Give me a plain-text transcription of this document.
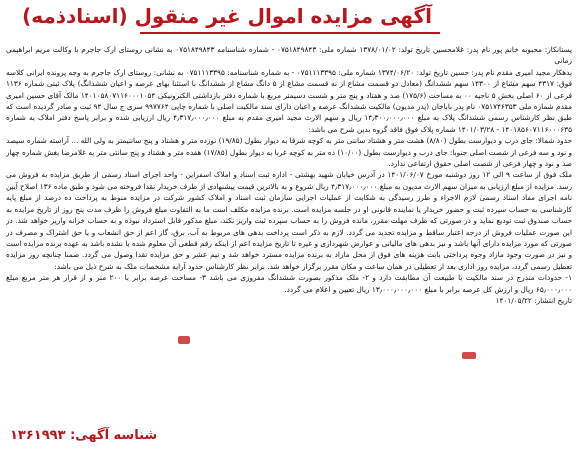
آگهی مزایده اموال غیر منقول (اسنادذمه)

پستانکار: محبوبه خانم پور نام پدر: غلامحسین تاریخ تولد: ۱۳۷۸/۰۱/۰۲ شماره ملی: ۰۷۵۱۸۴۹۸۴۳ - شماره شناسنامه ۰۷۵۱۸۴۹۸۴۳ به نشانی روستای ارک جاجرم با وکالت مریم ابراهیمی زمانی

بدهکار مجید امیری مقدم نام پدر: حسین تاریخ تولد: ۱۳۷۴/۰۶/۲۰ شماره ملی: ۰۷۵۱۱۱۳۳۹۵ - به شماره شناسنامه: ۰۷۵۱۱۱۳۳۹۵ به نشانی: روستای ارک جاجرم به وجه پرونده ایرانی کلاسه فوق: ۴۳۱۷ سهم مشاع از ۱۴۳۰۰ سهم ششدانگ (معادل دو قسمت مشاع از نه قسمت مشاع از ۵ دانگ مشاع از ششدانگ با استثنا بهای عرصه و اعیان ششدانگ) پلاک ثبتی شماره ۱۱۳۶ فرعی از ۶۰ اصلی بخش ۵ ناحیه ۰۰ به مساحت (۱۷۵/۶) صد و هفتاد و پنج متر و شست دسیمتر مربع با شماره دفتر بازداشتی الکترونیکی ۱۴۰۱۰۵۸۰۷۱۱۶۰۰۰۱۰۵۴ مالک آقای حسین امیری مقدم شماره ملی ۰۷۵۱۷۴۶۳۵۳ نام پدر باباخان (پدر مدیون) مالکیت ششدانگ عرصه و اعیان دارای سند مالکیت اصلی با شماره چاپی ۹۹۷۷۶۴ سری ج سال ۹۴ ثبت و صادر گردیده است که طبق نظر کارشناس رسمی ششدانگ پلاک به مبلغ ۱۴٫۳۰۰٫۰۰۰٫۰۰۰ ریال و سهم الارث مجید امیری مقدم به مبلغ ۴٫۳۱۷٫۰۰۰٫۰۰۰ ریال ارزیابی شده و برابر پاسخ دفتر املاک به شماره ۱۴۰۱۸۵۶۰۷۱۱۶۰۰۰۶۳۵ - ۱۴۰۱/۰۳/۲۸ شماره پلاک فوق فاقد گروه بدین شرح می باشد:

حدود شمالا: جای درب و دیوارست بطول (۸/۸۰) هشت متر و هشتاد سانتی متر به کوچه شرقا به دیوار بطول (۱۹/۸۵) نوزده متر و هشتاد و پنج سانتیمتر به ولی الله ... آراسته شماره سیصد و نود و سه فرعی از شصت اصلی جنوبا: جای درب و دیوارست بطول (۱۰/۰۰) ده متر به کوچه غربا به دیوار بطول (۱۷/۸۵) هفده متر و هشتاد و پنج سانتی متر به غلامرضا بغش شماره چهار صد و نود و چهار فرعی از شصت اصلی حقوق ارتفاعی ندارد.

ملک فوق از ساعت ۹ الی ۱۲ روز دوشنبه مورخ ۱۴۰۱/۰۶/۰۷ در آدرس خیابان شهید بهشتی - اداره ثبت اسناد و املاک اسفراین - واحد اجرای اسناد رسمی از طریق مزایده به فروش می رسد. مزایده از مبلغ ارزیابی به میزان سهم الارث مدیون به مبلغ ۴٫۳۱۷٫۰۰۰٫۰۰۰ ریال شروع و به بالاترین قیمت پیشنهادی از طرف خریدار نقدا فروخته می شود و طبق ماده ۱۳۶ اصلاح آیین نامه اجرای مفاد اسناد رسمی لازم الاجراء و طرز رسیدگی به شکایت از عملیات اجرایی سازمان ثبت اسناد و املاک کشور شرکت در مزایده منوط به پرداخت ده درصد از مبلغ پایه کارشناسی به حساب سپرده ثبت و حضور خریدار یا نماینده قانونی او در جلسه مزایده است. برنده مزایده مکلف است ما به التفاوت مبلغ فروش را ظرف مدت پنج روز از تاریخ مزایده به حساب صندوق ثبت تودیع نماید و در صورتی که ظرف مهلت مقرر، مانده فروش را به حساب سپرده ثبت واریز نکند، مبلغ مذکور قابل استرداد نبوده و به حساب خزانه واریز خواهد شد. در این صورت عملیات فروش از درجه اعتبار ساقط و مزایده تجدید می گردد. لازم به ذکر است پرداخت بدهی های مربوط به آب، برق، گاز اعم از حق انشعاب و یا حق اشتراک و مصرف در صورتی که مورد مزایده دارای آنها باشد و نیز بدهی های مالیاتی و عوارض شهرداری و غیره تا تاریخ مزایده اعم از اینکه رقم قطعی آن معلوم شده یا نشده باشد به عهده برنده مزایده است و نیز در صورت وجود مازاد وجوه پرداختی بابت هزینه های فوق از محل مازاد به برنده مزایده مسترد خواهد شد و نیم عشر و حق مزایده نقدا وصول می گردد. ضمنا چنانچه روز مزایده تعطیل رسمی گردد، مزایده روز اداری بعد از تعطیلی در همان ساعت و مکان مقرر برگزار خواهد شد. برابر نظر کارشناس حدود آرایه مشخصات ملک به شرح ذیل می باشد:

۱- حدودات مندرج در سند مالکیت با طبیعت آن مطابقت دارد و ۲- ملک مذکور بصورت ششدانگ مفروزی می باشد ۳- مساحت عرصه برابر با ۲۰۰ متر و از قرار هر متر مربع مبلغ ۶۵٫۰۰۰٫۰۰۰ ریال و ارزش کل عرصه برابر با مبلغ ۱۳٫۰۰۰٫۰۰۰٫۰۰۰ ریال تعیین و اعلام می گردد.

تاریخ انتشار: ۱۴۰۱/۰۵/۲۲

شناسه آگهی: ۱۳۶۱۹۹۳
